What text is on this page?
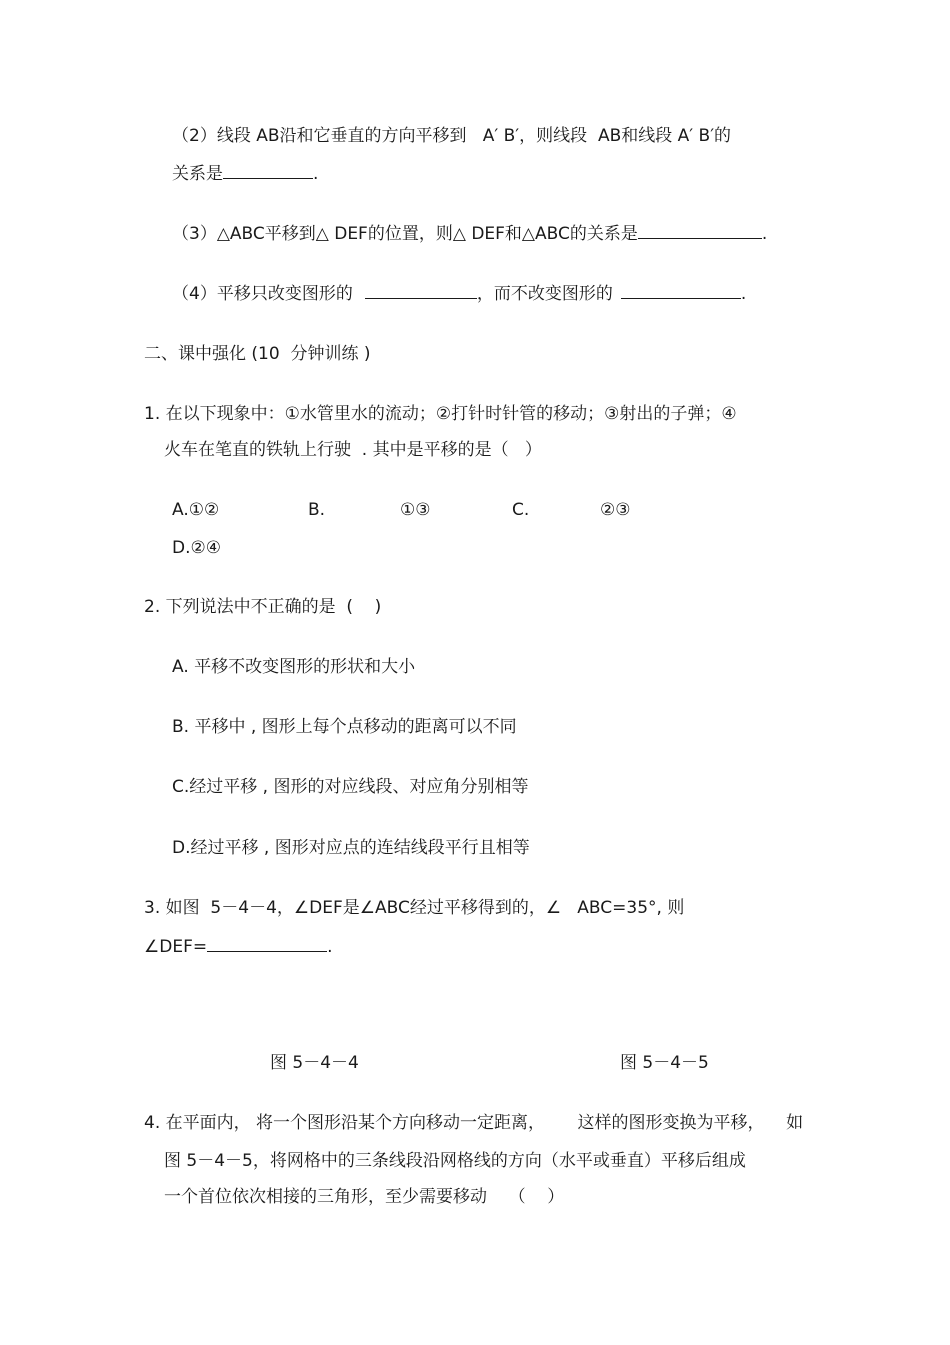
（2）线段 AB沿和它垂直的方向平移到   A′ B′，则线段  AB和线段 A′ B′的
关系是	.
（3）△ABC平移到△ DEF的位置，则△ DEF和△ABC的关系是	.
（4）平移只改变图形的	，而不改变图形的	.
二、课中强化 (10  分钟训练 )
1. 在以下现象中：①水管里水的流动；②打针时针管的移动；③射出的子弹；④
火车在笔直的铁轨上行驶  . 其中是平移的是（   ）
A.①②	B.	①③	C.	②③
D.②④
2. 下列说法中不正确的是  (    )
A. 平移不改变图形的形状和大小
B. 平移中 , 图形上每个点移动的距离可以不同
C.经过平移 , 图形的对应线段、对应角分别相等
D.经过平移 , 图形对应点的连结线段平行且相等
3. 如图  5－4－4，∠DEF是∠ABC经过平移得到的，∠   ABC=35°, 则
∠DEF=	.
图 5－4－4	图 5－4－5
4. 在平面内， 将一个图形沿某个方向移动一定距离，      这样的图形变换为平移，    如
图 5－4－5，将网格中的三条线段沿网格线的方向（水平或垂直）平移后组成
一个首位依次相接的三角形，至少需要移动    （    ）
